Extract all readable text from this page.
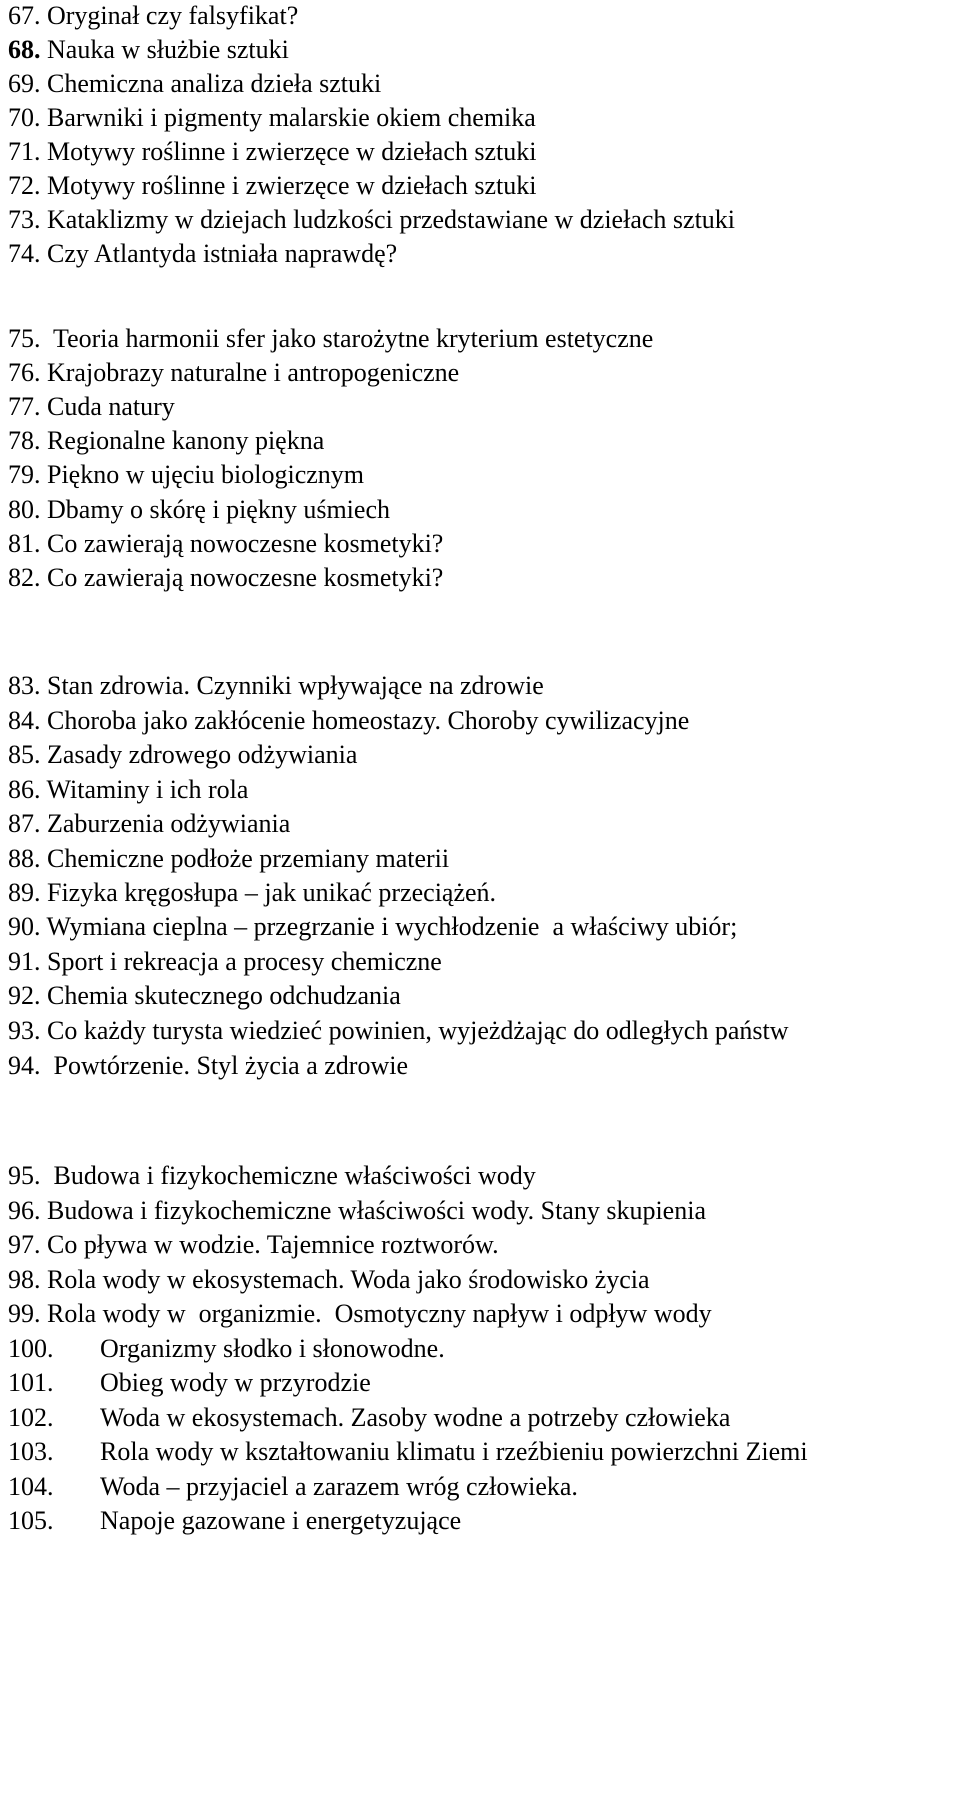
67. Oryginał czy falsyfikat?
68. Nauka w służbie sztuki
69. Chemiczna analiza dzieła sztuki
70. Barwniki i pigmenty malarskie okiem chemika
71. Motywy roślinne i zwierzęce w dziełach sztuki
72. Motywy roślinne i zwierzęce w dziełach sztuki
73. Kataklizmy w dziejach ludzkości przedstawiane w dziełach sztuki
74. Czy Atlantyda istniała naprawdę?
75. Teoria harmonii sfer jako starożytne kryterium estetyczne
76. Krajobrazy naturalne i antropogeniczne
77. Cuda natury
78. Regionalne kanony piękna
79. Piękno w ujęciu biologicznym
80. Dbamy o skórę i piękny uśmiech
81. Co zawierają nowoczesne kosmetyki?
82. Co zawierają nowoczesne kosmetyki?
83. Stan zdrowia. Czynniki wpływające na zdrowie
84. Choroba jako zakłócenie homeostazy. Choroby cywilizacyjne
85. Zasady zdrowego odżywiania
86. Witaminy i ich rola
87. Zaburzenia odżywiania
88. Chemiczne podłoże przemiany materii
89. Fizyka kręgosłupa – jak unikać przeciążeń.
90. Wymiana cieplna – przegrzanie i wychłodzenie  a właściwy ubiór;
91. Sport i rekreacja a procesy chemiczne
92. Chemia skutecznego odchudzania
93. Co każdy turysta wiedzieć powinien, wyjeżdżając do odległych państw
94.  Powtórzenie. Styl życia a zdrowie
95.  Budowa i fizykochemiczne właściwości wody
96. Budowa i fizykochemiczne właściwości wody. Stany skupienia
97. Co pływa w wodzie. Tajemnice roztworów.
98. Rola wody w ekosystemach. Woda jako środowisko życia
99. Rola wody w  organizmie.  Osmotyczny napływ i odpływ wody
100. Organizmy słodko i słonowodne.
101. Obieg wody w przyrodzie
102. Woda w ekosystemach. Zasoby wodne a potrzeby człowieka
103. Rola wody w kształtowaniu klimatu i rzeźbieniu powierzchni Ziemi
104. Woda – przyjaciel a zarazem wróg człowieka.
105. Napoje gazowane i energetyzujące
